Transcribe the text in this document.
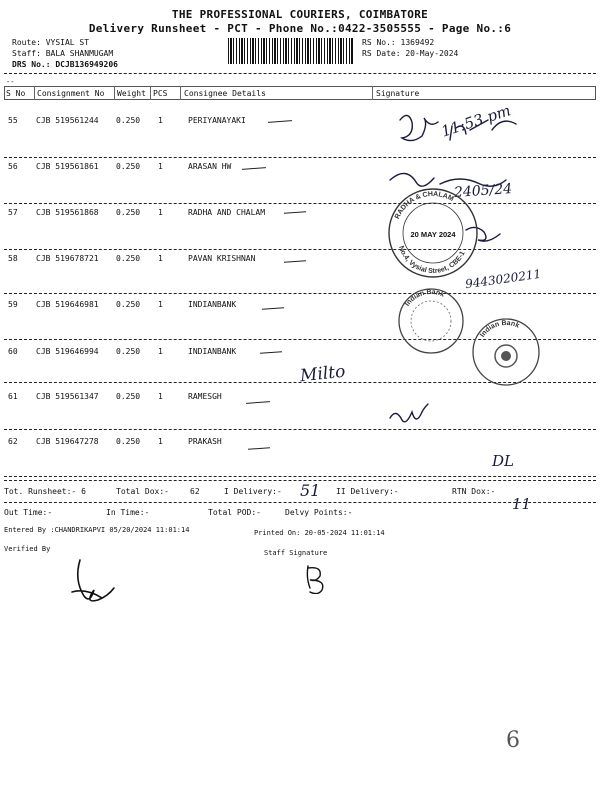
THE PROFESSIONAL COURIERS, COIMBATORE
Delivery Runsheet - PCT - Phone No.:0422-3505555 - Page No.:6
Route: VYSIAL ST
Staff: BALA SHANMUGAM
DRS No.: DCJB136949206
RS No.: 1369492
RS Date: 20-May-2024
--
S No Consignment No Weight PCS Consignee Details	Signature
55 CJB 519561244 0.250 1	PERIYANAYAKI
56 CJB 519561861 0.250 1	ARASAN HW
57 CJB 519561868 0.250 1	RADHA AND CHALAM
58 CJB 519678721 0.250 1	PAVAN KRISHNAN
59 CJB 519646981 0.250 1	INDIANBANK
60 CJB 519646994 0.250 1	INDIANBANK
61 CJB 519561347 0.250 1	RAMESGH
62 CJB 519647278 0.250 1	PRAKASH
11:53 pm
2405/24
9443020211
Milto
DL
RADHA & CHALAM
No.4, Vysial Street, CBE-1
20 MAY 2024
Indian Bank
Indian Bank
Tot. Runsheet:- 6	Total Dox:-	62	I Delivery:- 51 II Delivery:-	RTN Dox:-
11
Out Time:-	In Time:-	Total POD:-	Delvy Points:-
Entered By :CHANDRIKAPVI 05/20/2024 11:01:14	Printed On: 20-05-2024 11:01:14
Verified By	Staff Signature
6
